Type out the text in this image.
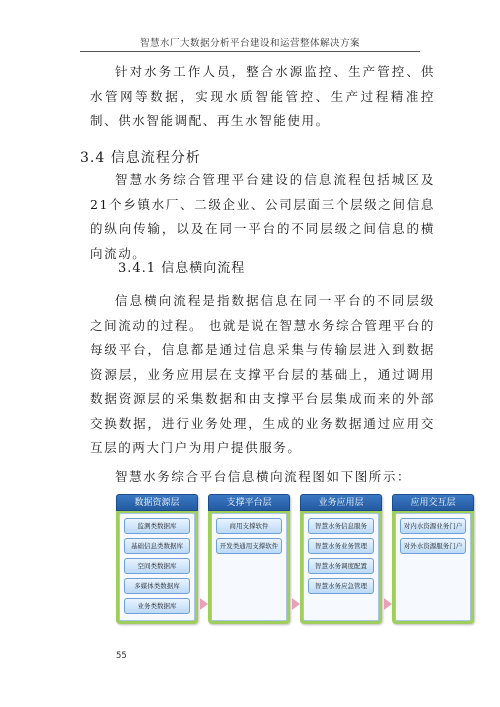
智慧水厂大数据分析平台建设和运营整体解决方案

针对水务工作人员，整合水源监控、生产管控、供水管网等数据，实现水质智能管控、生产过程精准控制、供水智能调配、再生水智能使用。

3.4 信息流程分析

智慧水务综合管理平台建设的信息流程包括城区及21个乡镇水厂、二级企业、公司层面三个层级之间信息的纵向传输，以及在同一平台的不同层级之间信息的横向流动。

3.4.1 信息横向流程

信息横向流程是指数据信息在同一平台的不同层级之间流动的过程。 也就是说在智慧水务综合管理平台的每级平台，信息都是通过信息采集与传输层进入到数据资源层，业务应用层在支撑平台层的基础上，通过调用数据资源层的采集数据和由支撑平台层集成而来的外部交换数据，进行业务处理，生成的业务数据通过应用交互层的两大门户为用户提供服务。

智慧水务综合平台信息横向流程图如下图所示：

数据资源层
监测类数据库
基础信息类数据库
空间类数据库
多媒体类数据库
业务类数据库
支撑平台层
商用支撑软件
开发类通用支撑软件
业务应用层
智慧水务信息服务
智慧水务业务管理
智慧水务调度配置
智慧水务应急管理
应用交互层
对内水资源业务门户
对外水资源服务门户
55
